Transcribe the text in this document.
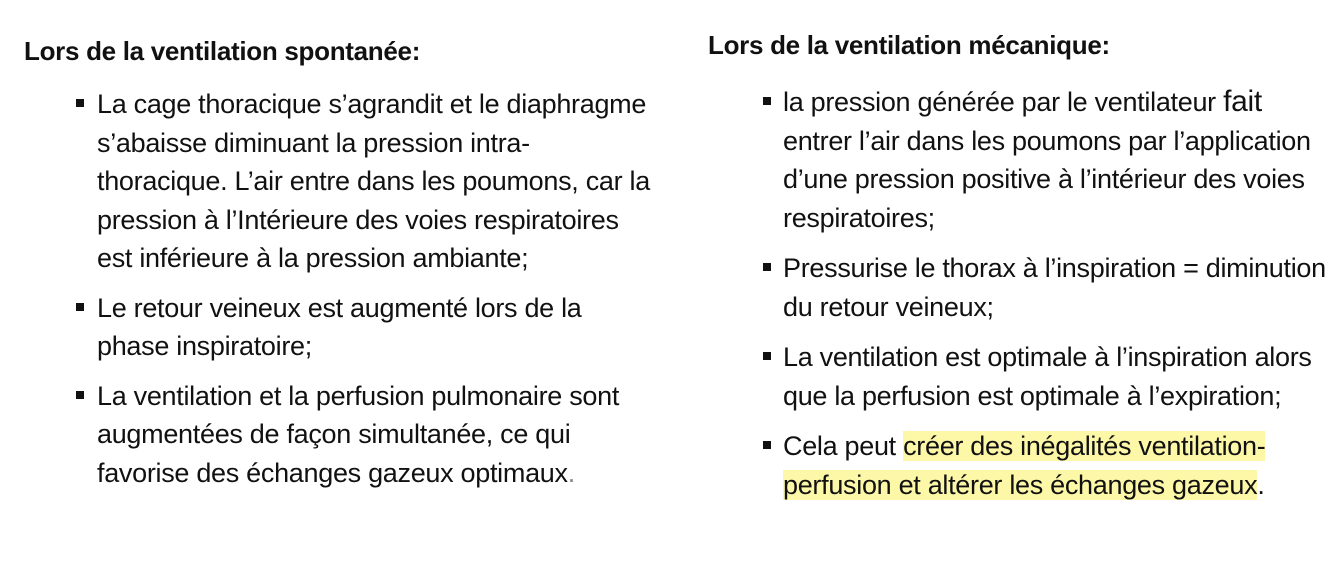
Lors de la ventilation spontanée:
La cage thoracique s’agrandit et le diaphragme s’abaisse diminuant la pression intra-thoracique. L’air entre dans les poumons, car la pression à l’Intérieure des voies respiratoires est inférieure à la pression ambiante;
Le retour veineux est augmenté lors de la phase inspiratoire;
La ventilation et la perfusion pulmonaire sont augmentées de façon simultanée, ce qui favorise des échanges gazeux optimaux.
Lors de la ventilation mécanique:
la pression générée par le ventilateur fait entrer l’air dans les poumons par l’application d’une pression positive à l’intérieur des voies respiratoires;
Pressurise le thorax à l’inspiration = diminution du retour veineux;
La ventilation est optimale à l’inspiration alors que la perfusion est optimale à l’expiration;
Cela peut créer des inégalités ventilation-perfusion et altérer les échanges gazeux.
